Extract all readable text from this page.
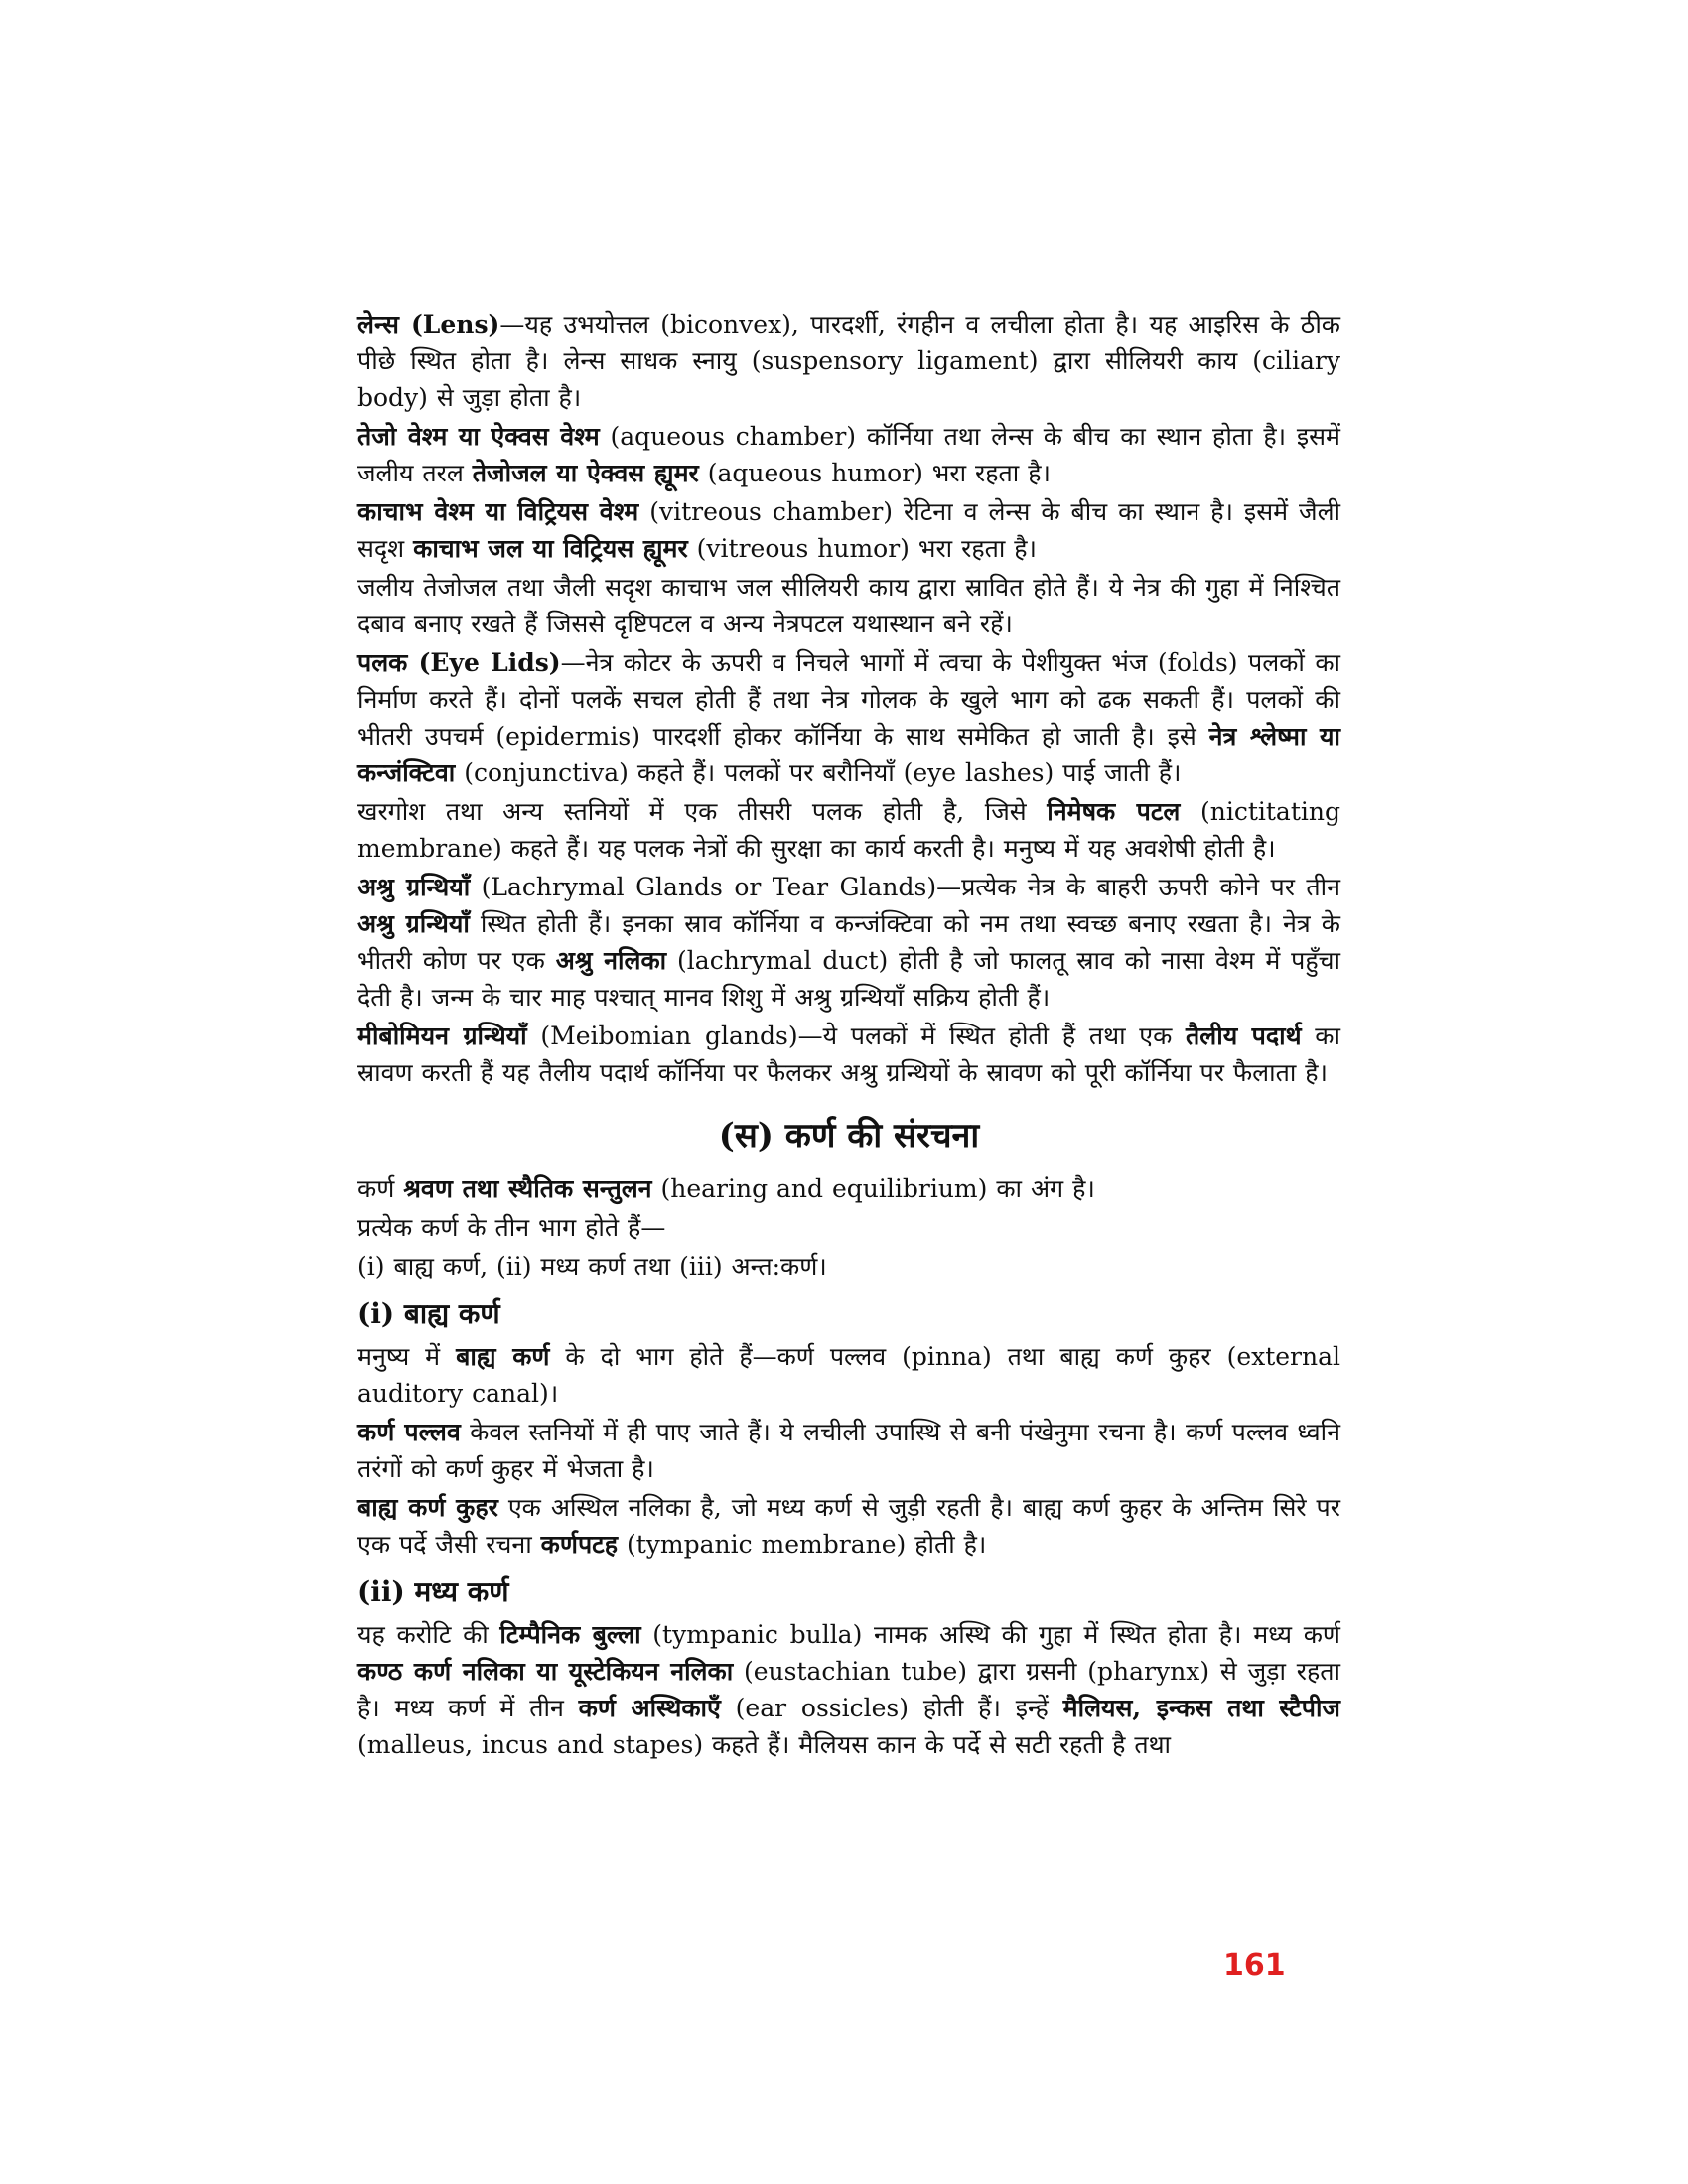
लेन्स (Lens)—यह उभयोत्तल (biconvex), पारदर्शी, रंगहीन व लचीला होता है। यह आइरिस के ठीक पीछे स्थित होता है। लेन्स साधक स्नायु (suspensory ligament) द्वारा सीलियरी काय (ciliary body) से जुड़ा होता है।

तेजो वेश्म या ऐक्वस वेश्म (aqueous chamber) कॉर्निया तथा लेन्स के बीच का स्थान होता है। इसमें जलीय तरल तेजोजल या ऐक्वस ह्यूमर (aqueous humor) भरा रहता है।

काचाभ वेश्म या विट्रियस वेश्म (vitreous chamber) रेटिना व लेन्स के बीच का स्थान है। इसमें जैली सदृश काचाभ जल या विट्रियस ह्यूमर (vitreous humor) भरा रहता है।

जलीय तेजोजल तथा जैली सदृश काचाभ जल सीलियरी काय द्वारा स्रावित होते हैं। ये नेत्र की गुहा में निश्चित दबाव बनाए रखते हैं जिससे दृष्टिपटल व अन्य नेत्रपटल यथास्थान बने रहें।

पलक (Eye Lids)—नेत्र कोटर के ऊपरी व निचले भागों में त्वचा के पेशीयुक्त भंज (folds) पलकों का निर्माण करते हैं। दोनों पलकें सचल होती हैं तथा नेत्र गोलक के खुले भाग को ढक सकती हैं। पलकों की भीतरी उपचर्म (epidermis) पारदर्शी होकर कॉर्निया के साथ समेकित हो जाती है। इसे नेत्र श्लेष्मा या कन्जंक्टिवा (conjunctiva) कहते हैं। पलकों पर बरौनियाँ (eye lashes) पाई जाती हैं।

खरगोश तथा अन्य स्तनियों में एक तीसरी पलक होती है, जिसे निमेषक पटल (nictitating membrane) कहते हैं। यह पलक नेत्रों की सुरक्षा का कार्य करती है। मनुष्य में यह अवशेषी होती है।

अश्रु ग्रन्थियाँ (Lachrymal Glands or Tear Glands)—प्रत्येक नेत्र के बाहरी ऊपरी कोने पर तीन अश्रु ग्रन्थियाँ स्थित होती हैं। इनका स्राव कॉर्निया व कन्जंक्टिवा को नम तथा स्वच्छ बनाए रखता है। नेत्र के भीतरी कोण पर एक अश्रु नलिका (lachrymal duct) होती है जो फालतू स्राव को नासा वेश्म में पहुँचा देती है। जन्म के चार माह पश्चात् मानव शिशु में अश्रु ग्रन्थियाँ सक्रिय होती हैं।

मीबोमियन ग्रन्थियाँ (Meibomian glands)—ये पलकों में स्थित होती हैं तथा एक तैलीय पदार्थ का स्रावण करती हैं यह तैलीय पदार्थ कॉर्निया पर फैलकर अश्रु ग्रन्थियों के स्रावण को पूरी कॉर्निया पर फैलाता है।

(स) कर्ण की संरचना

कर्ण श्रवण तथा स्थैतिक सन्तुलन (hearing and equilibrium) का अंग है।

प्रत्येक कर्ण के तीन भाग होते हैं—

(i) बाह्य कर्ण, (ii) मध्य कर्ण तथा (iii) अन्त:कर्ण।

(i) बाह्य कर्ण

मनुष्य में बाह्य कर्ण के दो भाग होते हैं—कर्ण पल्लव (pinna) तथा बाह्य कर्ण कुहर (external auditory canal)।

कर्ण पल्लव केवल स्तनियों में ही पाए जाते हैं। ये लचीली उपास्थि से बनी पंखेनुमा रचना है। कर्ण पल्लव ध्वनि तरंगों को कर्ण कुहर में भेजता है।

बाह्य कर्ण कुहर एक अस्थिल नलिका है, जो मध्य कर्ण से जुड़ी रहती है। बाह्य कर्ण कुहर के अन्तिम सिरे पर एक पर्दे जैसी रचना कर्णपटह (tympanic membrane) होती है।

(ii) मध्य कर्ण

यह करोटि की टिम्पैनिक बुल्ला (tympanic bulla) नामक अस्थि की गुहा में स्थित होता है। मध्य कर्ण कण्ठ कर्ण नलिका या यूस्टेकियन नलिका (eustachian tube) द्वारा ग्रसनी (pharynx) से जुड़ा रहता है। मध्य कर्ण में तीन कर्ण अस्थिकाएँ (ear ossicles) होती हैं। इन्हें मैलियस, इन्कस तथा स्टैपीज (malleus, incus and stapes) कहते हैं। मैलियस कान के पर्दे से सटी रहती है तथा

161
